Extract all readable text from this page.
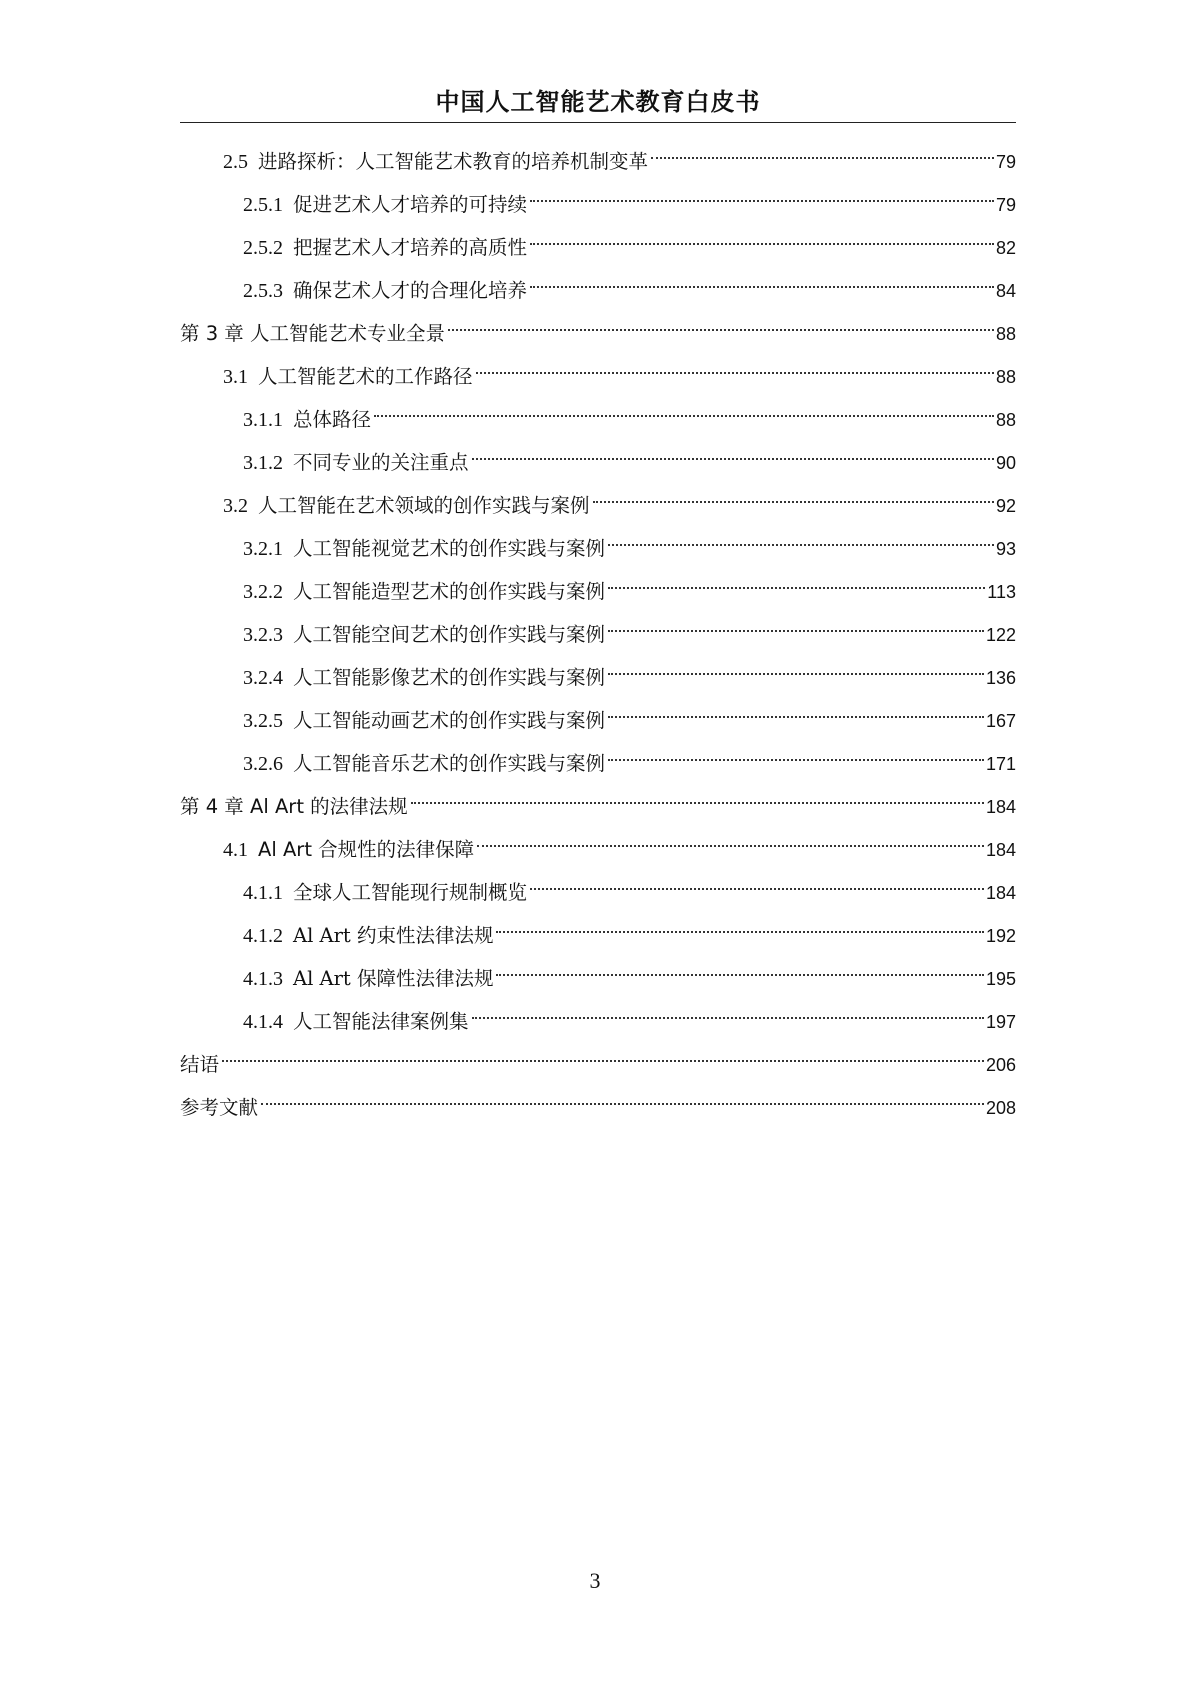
中国人工智能艺术教育白皮书
2.5 进路探析：人工智能艺术教育的培养机制变革	79
2.5.1 促进艺术人才培养的可持续	79
2.5.2 把握艺术人才培养的高质性	82
2.5.3 确保艺术人才的合理化培养	84
第 3 章 人工智能艺术专业全景	88
3.1 人工智能艺术的工作路径	88
3.1.1 总体路径	88
3.1.2 不同专业的关注重点	90
3.2 人工智能在艺术领域的创作实践与案例	92
3.2.1 人工智能视觉艺术的创作实践与案例	93
3.2.2 人工智能造型艺术的创作实践与案例	113
3.2.3 人工智能空间艺术的创作实践与案例	122
3.2.4 人工智能影像艺术的创作实践与案例	136
3.2.5 人工智能动画艺术的创作实践与案例	167
3.2.6 人工智能音乐艺术的创作实践与案例	171
第 4 章 Al Art 的法律法规	184
4.1 Al Art 合规性的法律保障	184
4.1.1 全球人工智能现行规制概览	184
4.1.2 Al Art 约束性法律法规	192
4.1.3 Al Art 保障性法律法规	195
4.1.4 人工智能法律案例集	197
结语	206
参考文献	208
3
